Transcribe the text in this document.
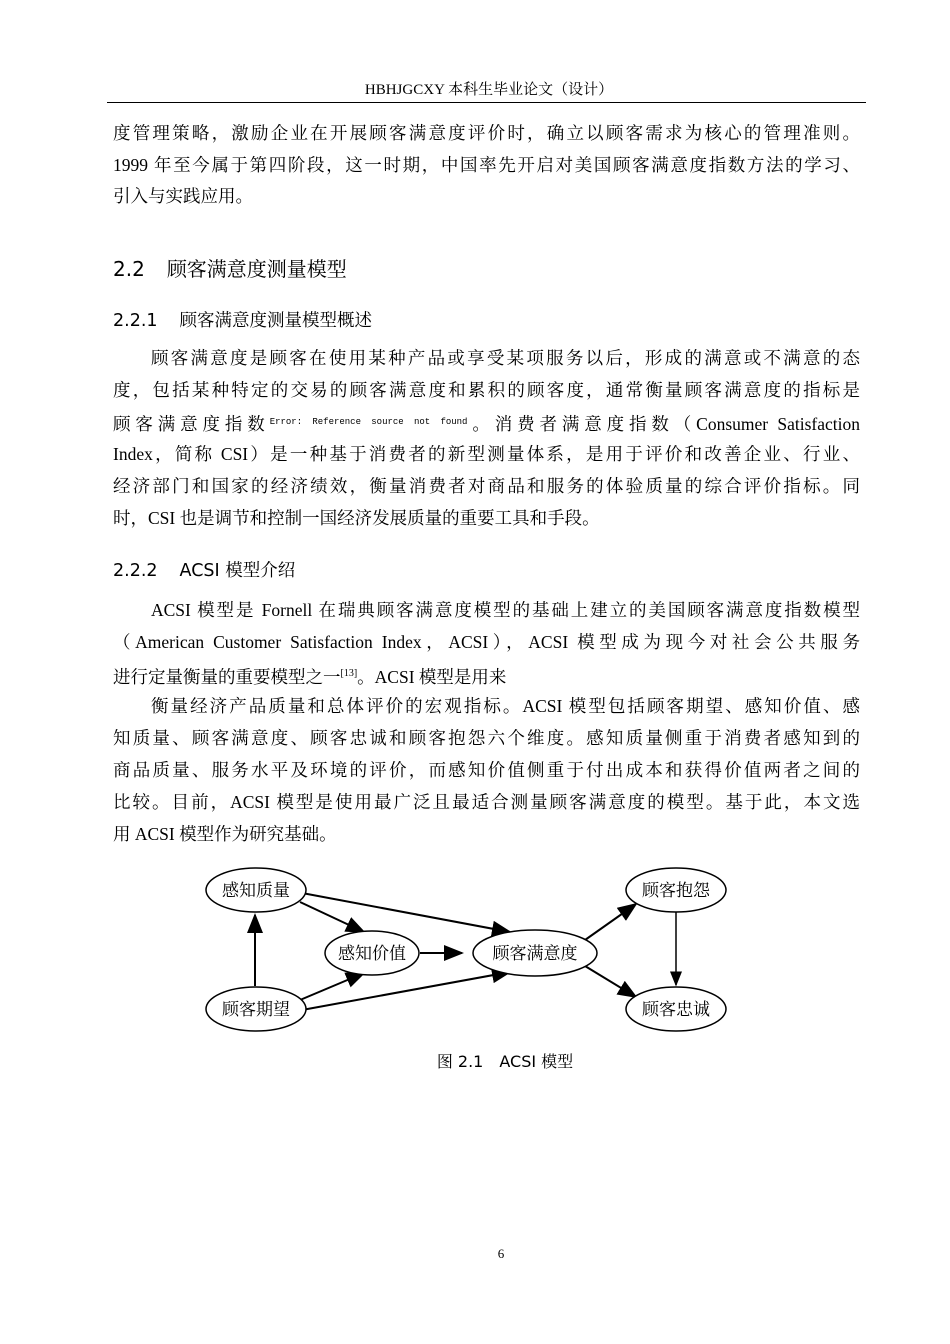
HBHJGCXY 本科生毕业论文（设计）
度管理策略，激励企业在开展顾客满意度评价时，确立以顾客需求为核心的管理准则。
1999 年至今属于第四阶段，这一时期，中国率先开启对美国顾客满意度指数方法的学习、
引入与实践应用。
2.2 顾客满意度测量模型
2.2.1 顾客满意度测量模型概述
顾客满意度是顾客在使用某种产品或享受某项服务以后，形成的满意或不满意的态
度，包括某种特定的交易的顾客满意度和累积的顾客度，通常衡量顾客满意度的指标是
顾客满意度指数$^{Error: Reference source not found}$。消费者满意度指数（Consumer Satisfaction
Index，简称 CSI）是一种基于消费者的新型测量体系，是用于评价和改善企业、行业、
经济部门和国家的经济绩效，衡量消费者对商品和服务的体验质量的综合评价指标。同
时，CSI 也是调节和控制一国经济发展质量的重要工具和手段。
2.2.2 ACSI 模型介绍
ACSI 模型是 Fornell 在瑞典顾客满意度模型的基础上建立的美国顾客满意度指数模型
（American Customer Satisfaction Index，ACSI），ACSI 模型成为现今对社会公共服务
进行定量衡量的重要模型之一[13]。ACSI 模型是用来
衡量经济产品质量和总体评价的宏观指标。ACSI 模型包括顾客期望、感知价值、感
知质量、顾客满意度、顾客忠诚和顾客抱怨六个维度。感知质量侧重于消费者感知到的
商品质量、服务水平及环境的评价，而感知价值侧重于付出成本和获得价值两者之间的
比较。目前，ACSI 模型是使用最广泛且最适合测量顾客满意度的模型。基于此，本文选
用 ACSI 模型作为研究基础。
感知质量
顾客期望
感知价值	顾客满意度
顾客抱怨
顾客忠诚
图 2.1　ACSI 模型
6
